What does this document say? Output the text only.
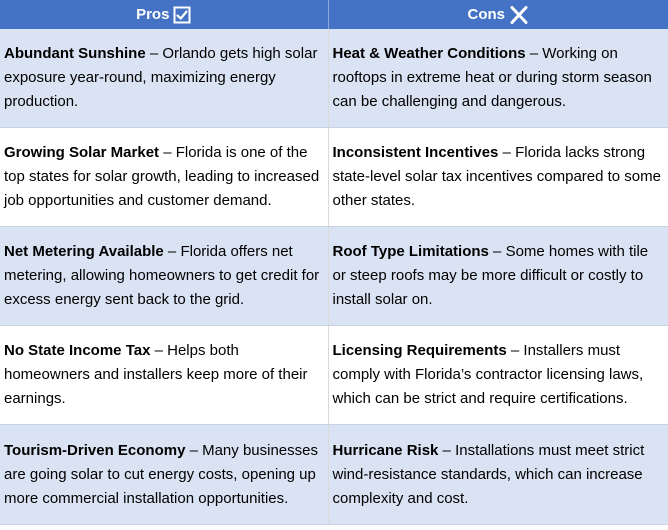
Pros	Cons

Abundant Sunshine – Orlando gets high solar exposure year-round, maximizing energy production.	Heat & Weather Conditions – Working on rooftops in extreme heat or during storm season can be challenging and dangerous.
Growing Solar Market – Florida is one of the top states for solar growth, leading to increased job opportunities and customer demand.	Inconsistent Incentives – Florida lacks strong state-level solar tax incentives compared to some other states.
Net Metering Available – Florida offers net metering, allowing homeowners to get credit for excess energy sent back to the grid.	Roof Type Limitations – Some homes with tile or steep roofs may be more difficult or costly to install solar on.
No State Income Tax – Helps both homeowners and installers keep more of their earnings.	Licensing Requirements – Installers must comply with Florida’s contractor licensing laws, which can be strict and require certifications.
Tourism-Driven Economy – Many businesses are going solar to cut energy costs, opening up more commercial installation opportunities.	Hurricane Risk – Installations must meet strict wind-resistance standards, which can increase complexity and cost.
